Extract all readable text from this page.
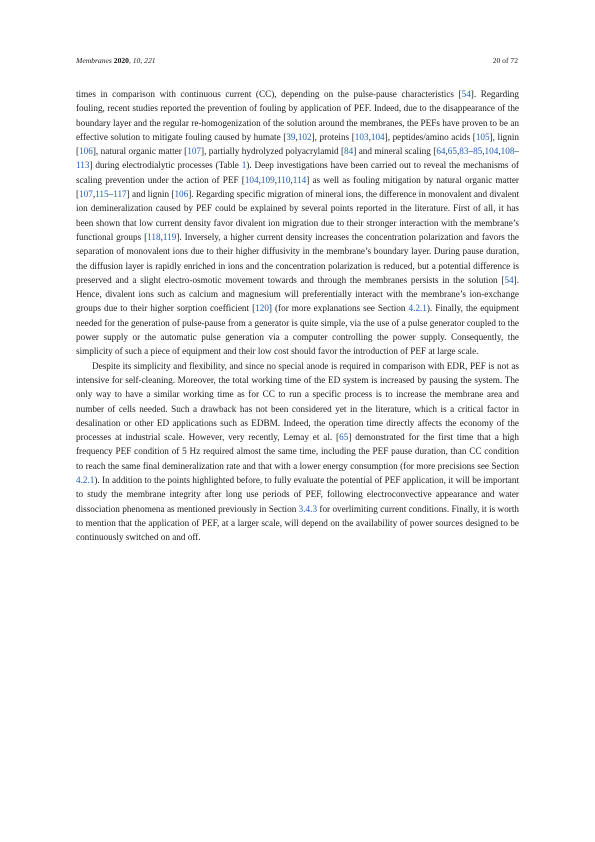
Membranes 2020, 10, 221	20 of 72

times in comparison with continuous current (CC), depending on the pulse-pause characteristics [54]. Regarding fouling, recent studies reported the prevention of fouling by application of PEF. Indeed, due to the disappearance of the boundary layer and the regular re-homogenization of the solution around the membranes, the PEFs have proven to be an effective solution to mitigate fouling caused by humate [39,102], proteins [103,104], peptides/amino acids [105], lignin [106], natural organic matter [107], partially hydrolyzed polyacrylamid [84] and mineral scaling [64,65,83–85,104,108–113] during electrodialytic processes (Table 1). Deep investigations have been carried out to reveal the mechanisms of scaling prevention under the action of PEF [104,109,110,114] as well as fouling mitigation by natural organic matter [107,115–117] and lignin [106]. Regarding specific migration of mineral ions, the difference in monovalent and divalent ion demineralization caused by PEF could be explained by several points reported in the literature. First of all, it has been shown that low current density favor divalent ion migration due to their stronger interaction with the membrane’s functional groups [118,119]. Inversely, a higher current density increases the concentration polarization and favors the separation of monovalent ions due to their higher diffusivity in the membrane’s boundary layer. During pause duration, the diffusion layer is rapidly enriched in ions and the concentration polarization is reduced, but a potential difference is preserved and a slight electro-osmotic movement towards and through the membranes persists in the solution [54]. Hence, divalent ions such as calcium and magnesium will preferentially interact with the membrane’s ion-exchange groups due to their higher sorption coefficient [120] (for more explanations see Section 4.2.1). Finally, the equipment needed for the generation of pulse-pause from a generator is quite simple, via the use of a pulse generator coupled to the power supply or the automatic pulse generation via a computer controlling the power supply. Consequently, the simplicity of such a piece of equipment and their low cost should favor the introduction of PEF at large scale.

Despite its simplicity and flexibility, and since no special anode is required in comparison with EDR, PEF is not as intensive for self-cleaning. Moreover, the total working time of the ED system is increased by pausing the system. The only way to have a similar working time as for CC to run a specific process is to increase the membrane area and number of cells needed. Such a drawback has not been considered yet in the literature, which is a critical factor in desalination or other ED applications such as EDBM. Indeed, the operation time directly affects the economy of the processes at industrial scale. However, very recently, Lemay et al. [65] demonstrated for the first time that a high frequency PEF condition of 5 Hz required almost the same time, including the PEF pause duration, than CC condition to reach the same final demineralization rate and that with a lower energy consumption (for more precisions see Section 4.2.1). In addition to the points highlighted before, to fully evaluate the potential of PEF application, it will be important to study the membrane integrity after long use periods of PEF, following electroconvective appearance and water dissociation phenomena as mentioned previously in Section 3.4.3 for overlimiting current conditions. Finally, it is worth to mention that the application of PEF, at a larger scale, will depend on the availability of power sources designed to be continuously switched on and off.
